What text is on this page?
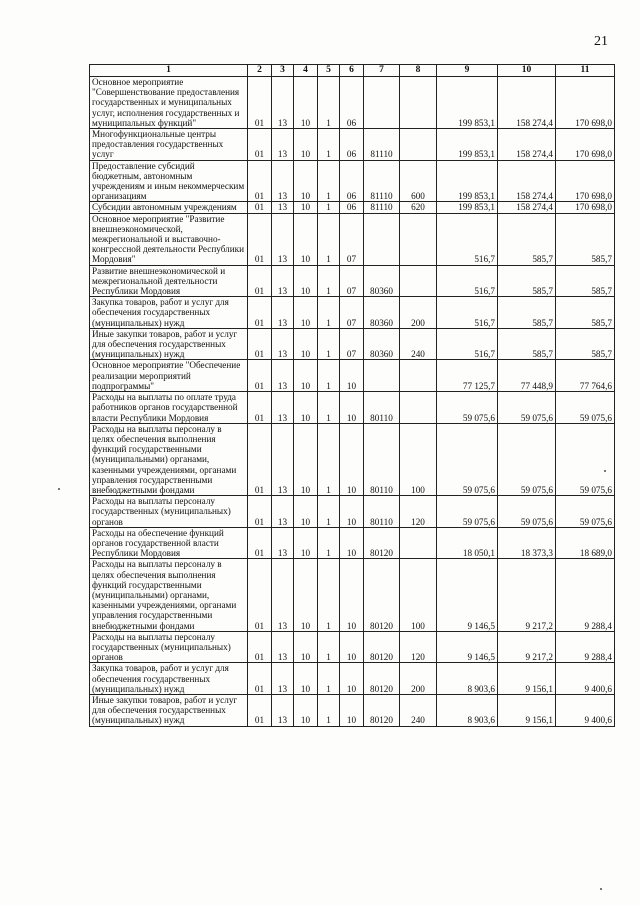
21
1	2	3	4	5	6	7	8	9	10	11
Основное мероприятие "Совершенствование предоставления государственных и муниципальных услуг, исполнения государственных и муниципальных функций"	01	13	10	1	06			199 853,1	158 274,4	170 698,0
Многофункциональные центры предоставления государственных услуг	01	13	10	1	06	81110		199 853,1	158 274,4	170 698,0
Предоставление субсидий бюджетным, автономным учреждениям и иным некоммерческим организациям	01	13	10	1	06	81110	600	199 853,1	158 274,4	170 698,0
Субсидии автономным учреждениям	01	13	10	1	06	81110	620	199 853,1	158 274,4	170 698,0
Основное мероприятие "Развитие внешнеэкономической, межрегиональной и выставочно-конгрессной деятельности Республики Мордовия"	01	13	10	1	07			516,7	585,7	585,7
Развитие внешнеэкономической и межрегиональной деятельности Республики Мордовия	01	13	10	1	07	80360		516,7	585,7	585,7
Закупка товаров, работ и услуг для обеспечения государственных (муниципальных) нужд	01	13	10	1	07	80360	200	516,7	585,7	585,7
Иные закупки товаров, работ и услуг для обеспечения государственных (муниципальных) нужд	01	13	10	1	07	80360	240	516,7	585,7	585,7
Основное мероприятие "Обеспечение реализации мероприятий подпрограммы"	01	13	10	1	10			77 125,7	77 448,9	77 764,6
Расходы на выплаты по оплате труда работников органов государственной власти Республики Мордовия	01	13	10	1	10	80110		59 075,6	59 075,6	59 075,6
Расходы на выплаты персоналу в целях обеспечения выполнения функций государственными (муниципальными) органами, казенными учреждениями, органами управления государственными внебюджетными фондами	01	13	10	1	10	80110	100	59 075,6	59 075,6	59 075,6
Расходы на выплаты персоналу государственных (муниципальных) органов	01	13	10	1	10	80110	120	59 075,6	59 075,6	59 075,6
Расходы на обеспечение функций органов государственной власти Республики Мордовия	01	13	10	1	10	80120		18 050,1	18 373,3	18 689,0
Расходы на выплаты персоналу в целях обеспечения выполнения функций государственными (муниципальными) органами, казенными учреждениями, органами управления государственными внебюджетными фондами	01	13	10	1	10	80120	100	9 146,5	9 217,2	9 288,4
Расходы на выплаты персоналу государственных (муниципальных) органов	01	13	10	1	10	80120	120	9 146,5	9 217,2	9 288,4
Закупка товаров, работ и услуг для обеспечения государственных (муниципальных) нужд	01	13	10	1	10	80120	200	8 903,6	9 156,1	9 400,6
Иные закупки товаров, работ и услуг для обеспечения государственных (муниципальных) нужд	01	13	10	1	10	80120	240	8 903,6	9 156,1	9 400,6
